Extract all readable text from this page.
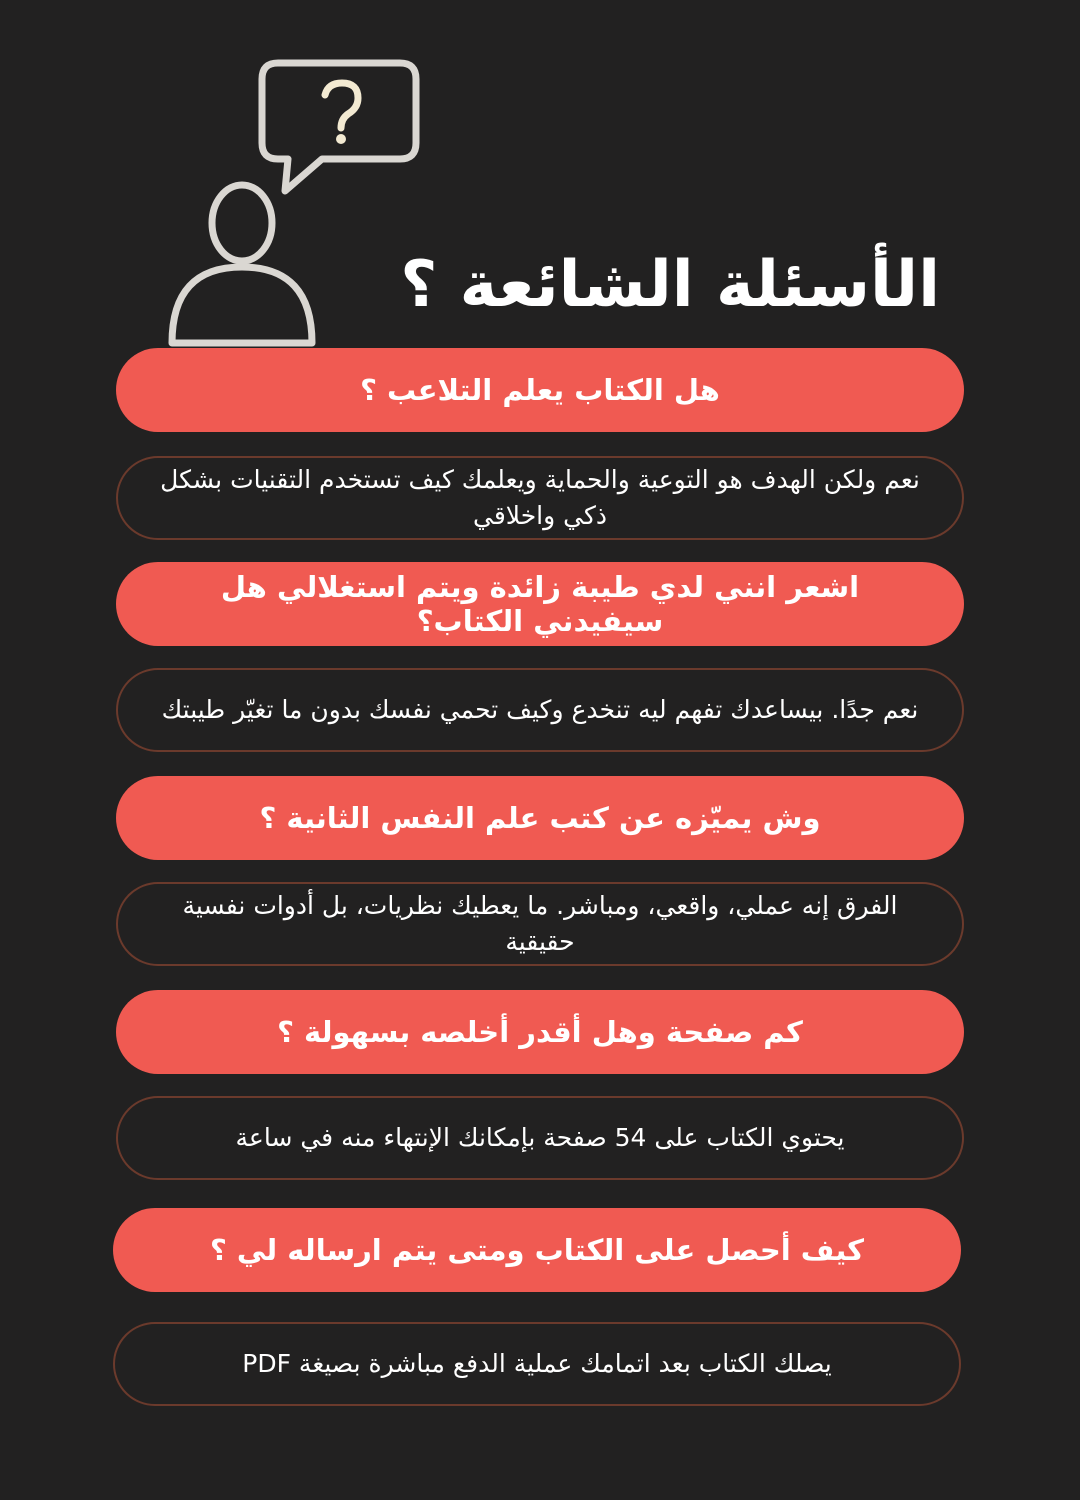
الأسئلة الشائعة ؟
هل الكتاب يعلم التلاعب ؟
نعم ولكن الهدف هو التوعية والحماية ويعلمك كيف تستخدم التقنيات بشكل ذكي واخلاقي
اشعر انني لدي طيبة زائدة ويتم استغلالي هل سيفيدني الكتاب؟
نعم جدًا. بيساعدك تفهم ليه تنخدع وكيف تحمي نفسك بدون ما تغيّر طيبتك
وش يميّزه عن كتب علم النفس الثانية ؟
الفرق إنه عملي، واقعي، ومباشر. ما يعطيك نظريات، بل أدوات نفسية حقيقية
كم صفحة وهل أقدر أخلصه بسهولة ؟
يحتوي الكتاب على 54 صفحة بإمكانك الإنتهاء منه في ساعة
كيف أحصل على الكتاب ومتى يتم ارساله لي ؟
يصلك الكتاب بعد اتمامك عملية الدفع مباشرة بصيغة PDF
